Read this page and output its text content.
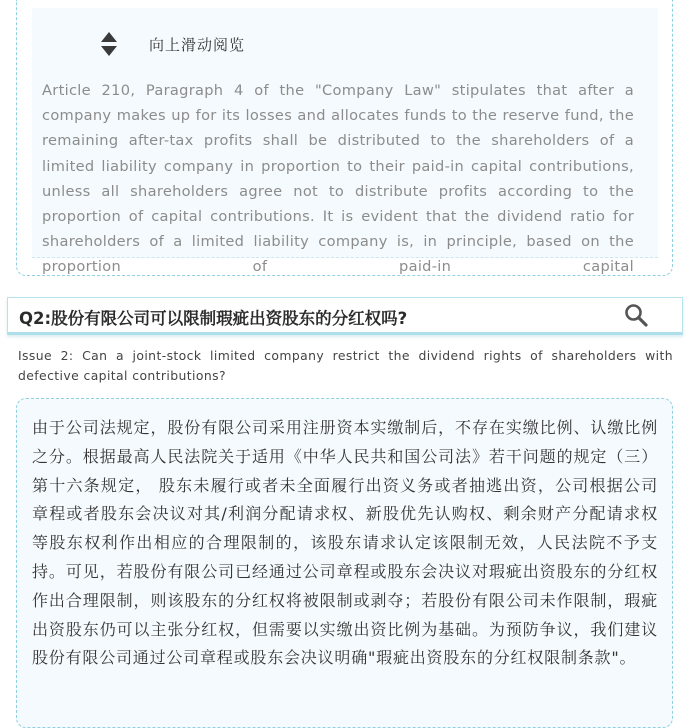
向上滑动阅览

Article 210, Paragraph 4 of the "Company Law" stipulates that after a company makes up for its losses and allocates funds to the reserve fund, the remaining after-tax profits shall be distributed to the shareholders of a limited liability company in proportion to their paid-in capital contributions, unless all shareholders agree not to distribute profits according to the proportion of capital contributions. It is evident that the dividend ratio for shareholders of a limited liability company is, in principle, based on the proportion of paid-in capital

Q2:股份有限公司可以限制瑕疵出资股东的分红权吗?

Issue 2: Can a joint-stock limited company restrict the dividend rights of shareholders with defective capital contributions?

由于公司法规定，股份有限公司采用注册资本实缴制后，不存在实缴比例、认缴比例之分。根据最高人民法院关于适用《中华人民共和国公司法》若干问题的规定（三）第十六条规定， 股东未履行或者未全面履行出资义务或者抽逃出资，公司根据公司章程或者股东会决议对其/利润分配请求权、新股优先认购权、剩余财产分配请求权等股东权利作出相应的合理限制的，该股东请求认定该限制无效，人民法院不予支持。可见，若股份有限公司已经通过公司章程或股东会决议对瑕疵出资股东的分红权作出合理限制，则该股东的分红权将被限制或剥夺；若股份有限公司未作限制，瑕疵出资股东仍可以主张分红权，但需要以实缴出资比例为基础。为预防争议，我们建议股份有限公司通过公司章程或股东会决议明确"瑕疵出资股东的分红权限制条款"。
